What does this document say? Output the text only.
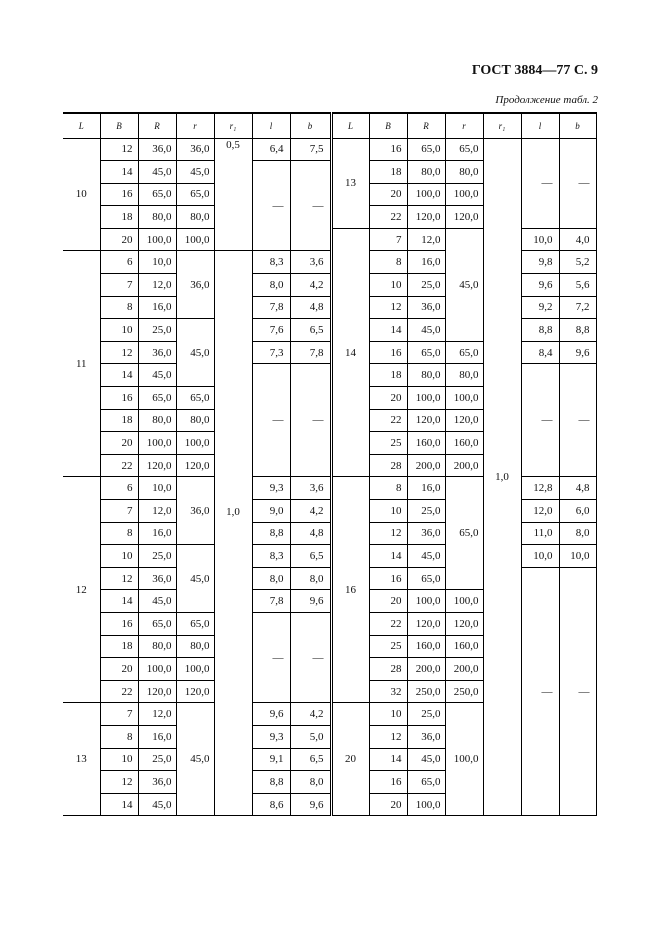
ГОСТ 3884—77 С. 9
Продолжение табл. 2
L	B	R	r	r₁	l	b	L	B	R	r	r₁	l	b
10	12	36,0	36,0	0,5	6,4	7,5	13	16	65,0	65,0	1,0	—	—
	14	45,0	45,0		—	—		18	80,0	80,0			
	16	65,0	65,0					20	100,0	100,0			
	18	80,0	80,0					22	120,0	120,0			
	20	100,0	100,0				14	7	12,0	45,0		10,0	4,0
11	6	10,0	36,0	1,0	8,3	3,6		8	16,0			9,8	5,2
	7	12,0			8,0	4,2		10	25,0			9,6	5,6
	8	16,0			7,8	4,8		12	36,0			9,2	7,2
	10	25,0	45,0		7,6	6,5		14	45,0			8,8	8,8
	12	36,0			7,3	7,8		16	65,0	65,0		8,4	9,6
	14	45,0			—	—		18	80,0	80,0		—	—
	16	65,0	65,0					20	100,0	100,0			
	18	80,0	80,0					22	120,0	120,0			
	20	100,0	100,0					25	160,0	160,0			
	22	120,0	120,0					28	200,0	200,0			
12	6	10,0	36,0		9,3	3,6	16	8	16,0	65,0		12,8	4,8
	7	12,0			9,0	4,2		10	25,0			12,0	6,0
	8	16,0			8,8	4,8		12	36,0			11,0	8,0
	10	25,0	45,0		8,3	6,5		14	45,0			10,0	10,0
	12	36,0			8,0	8,0		16	65,0			—	—
	14	45,0			7,8	9,6		20	100,0	100,0			
	16	65,0	65,0		—	—		22	120,0	120,0			
	18	80,0	80,0					25	160,0	160,0			
	20	100,0	100,0					28	200,0	200,0			
	22	120,0	120,0					32	250,0	250,0			
13	7	12,0	45,0		9,6	4,2	20	10	25,0	100,0			
	8	16,0			9,3	5,0		12	36,0				
	10	25,0			9,1	6,5		14	45,0				
	12	36,0			8,8	8,0		16	65,0				
	14	45,0			8,6	9,6		20	100,0				
